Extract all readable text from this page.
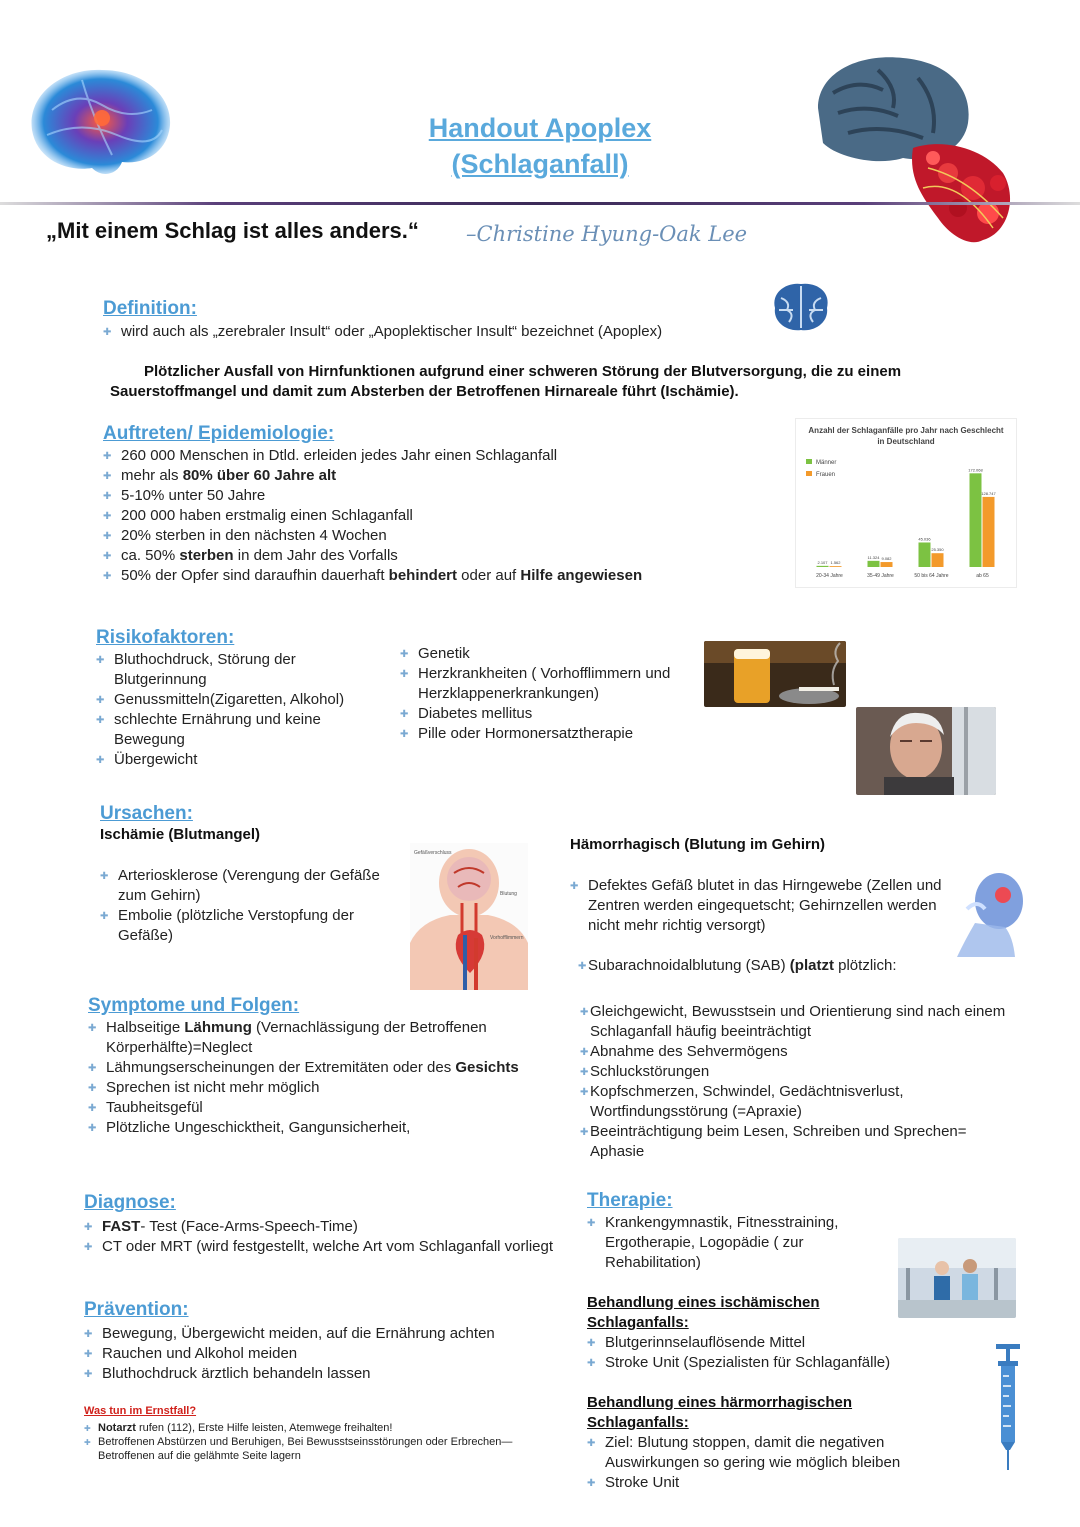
Handout Apoplex
(Schlaganfall)
„Mit einem Schlag ist alles anders.“ –Christine Hyung-Oak Lee
Definition:
✚ wird auch als „zerebraler Insult“ oder „Apoplektischer Insult“ bezeichnet (Apoplex)
Plötzlicher Ausfall von Hirnfunktionen aufgrund einer schweren Störung der Blutversorgung, die zu einem Sauerstoffmangel und damit zum Absterben der Betroffenen Hirnareale führt (Ischämie).
Auftreten/ Epidemiologie:
✚ 260 000 Menschen in Dtld. erleiden jedes Jahr einen Schlaganfall
✚ mehr als 80% über 60 Jahre alt
✚ 5-10% unter 50 Jahre
✚ 200 000 haben erstmalig einen Schlaganfall
✚ 20% sterben in den nächsten 4 Wochen
✚ ca. 50% sterben in dem Jahr des Vorfalls
✚ 50% der Opfer sind daraufhin dauerhaft behindert oder auf Hilfe angewiesen
Anzahl der Schlaganfälle pro Jahr nach Geschlecht
in Deutschland
Männer
Frauen
2.107 1.562
20-34 Jahre
11.324 9.082
35-49 Jahre
45.036
25.350
50 bis 64 Jahre
172.068
128.747
ab 65
Risikofaktoren:
✚ Bluthochdruck, Störung der Blutgerinnung
✚ Genussmitteln(Zigaretten, Alkohol)
✚ schlechte Ernährung und keine Bewegung
✚ Übergewicht
✚ Genetik
✚ Herzkrankheiten ( Vorhofflimmern und Herzklappenerkrankungen)
✚ Diabetes mellitus
✚ Pille oder Hormonersatztherapie
Ursachen:
Ischämie (Blutmangel)
✚ Arteriosklerose (Verengung der Gefäße zum Gehirn)
✚ Embolie (plötzliche Verstopfung der Gefäße)
Gefäßverschluss
Blutung
Vorhofflimmern
Hämorrhagisch (Blutung im Gehirn)
✚ Defektes Gefäß blutet in das Hirngewebe (Zellen und Zentren werden eingequetscht; Gehirnzellen werden nicht mehr richtig versorgt)
✚ Subarachnoidalblutung (SAB) (platzt plötzlich:
Symptome und Folgen:
✚ Halbseitige Lähmung (Vernachlässigung der Betroffenen Körperhälfte)=Neglect
✚ Lähmungserscheinungen der Extremitäten oder des Gesichts
✚ Sprechen ist nicht mehr möglich
✚ Taubheitsgefül
✚ Plötzliche Ungeschicktheit, Gangunsicherheit,
✚ Gleichgewicht, Bewusstsein und Orientierung sind nach einem Schlaganfall häufig beeinträchtigt
✚ Abnahme des Sehvermögens
✚ Schluckstörungen
✚ Kopfschmerzen, Schwindel, Gedächtnisverlust, Wortfindungsstörung (=Apraxie)
✚ Beeinträchtigung beim Lesen, Schreiben und Sprechen= Aphasie
Diagnose:
✚ FAST- Test (Face-Arms-Speech-Time)
✚ CT oder MRT (wird festgestellt, welche Art vom Schlaganfall vorliegt
Prävention:
✚ Bewegung, Übergewicht meiden, auf die Ernährung achten
✚ Rauchen und Alkohol meiden
✚ Bluthochdruck ärztlich behandeln lassen
Was tun im Ernstfall?
✚ Notarzt rufen (112), Erste Hilfe leisten, Atemwege freihalten!
✚ Betroffenen Abstürzen und Beruhigen, Bei Bewusstseinsstörungen oder Erbrechen— Betroffenen auf die gelähmte Seite lagern
Therapie:
✚ Krankengymnastik, Fitnesstraining, Ergotherapie, Logopädie ( zur Rehabilitation)
Behandlung eines ischämischen Schlaganfalls:
✚ Blutgerinnselauflösende Mittel
✚ Stroke Unit (Spezialisten für Schlaganfälle)
Behandlung eines härmorrhagischen Schlaganfalls:
✚ Ziel: Blutung stoppen, damit die negativen Auswirkungen so gering wie möglich bleiben
✚ Stroke Unit
